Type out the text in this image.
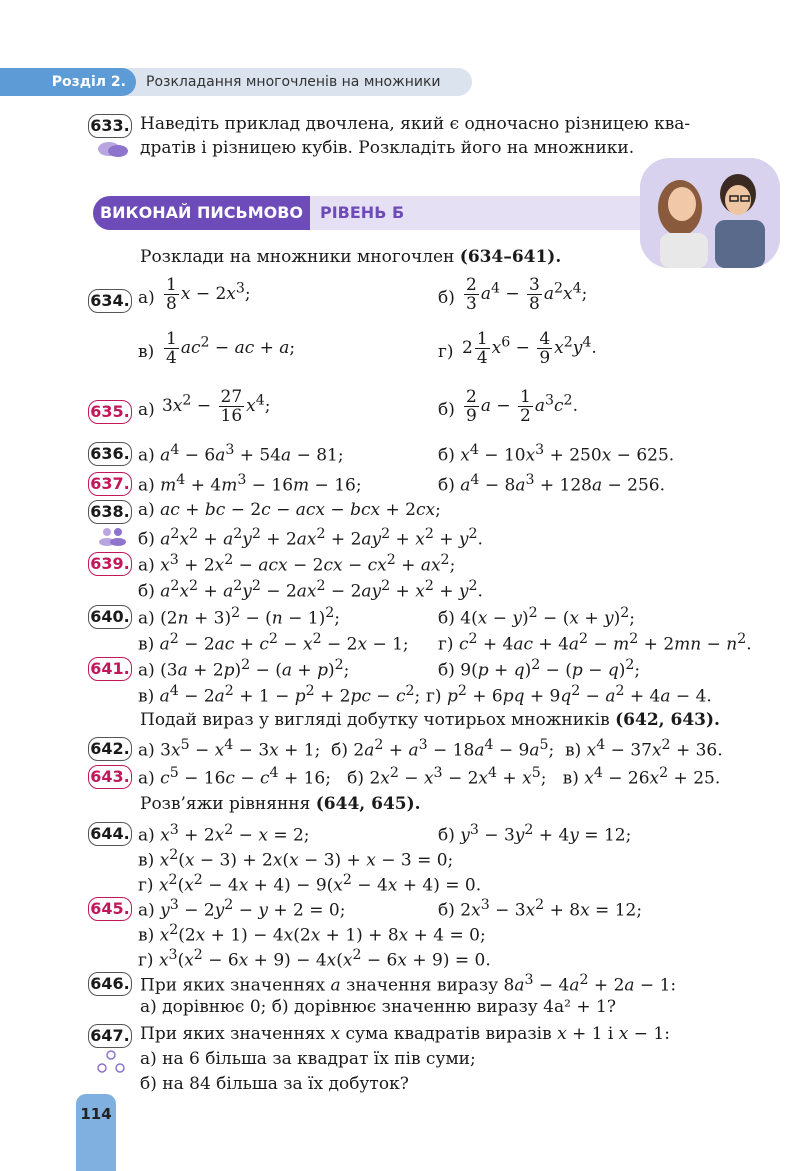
Розділ 2.	Розкладання многочленів на множники
633. Наведіть приклад двочлена, який є одночасно різницею ква-
дратів і різницею кубів. Розкладіть його на множники.
ВИКОНАЙ ПИСЬМОВО	РІВЕНЬ Б
Розклади на множники многочлен (634–641).
634. $а) \frac{1}{8}$ $x - 2x^3$;	$б) \frac{2}{3} a^4 - \frac{3}{8} a^2x^4$;
$в) \frac{1}{4} ac^2$ − ac + a;	г) $2 \frac{1}{4} x^6 - \frac{4}{9} x^2y^4$.
635. а) $3x^2 - \frac{27}{16} x^4$;	$б) \frac{2}{9}$ $a - \frac{1}{2} a^3c^2$.
636. а) $a^4 - 6a^3 + 54a - 81$;	б) $x^4 - 10x^3 + 250x - 625$.
637. а) $m^4 + 4m^3 - 16m - 16$;	б) $a^4 - 8a^3 + 128a - 256$.
638. а) ac + bc − 2c − acx − bcx + 2cx;
б) $a^2x^2 + a^2y^2 + 2ax^2 + 2ay^2 + x^2 + y^2$.
639. а) $x^3 + 2x^2$ − acx − $2cx - cx^2 + ax^2$;
б) $a^2x^2 + a^2y^2 - 2ax^2 - 2ay^2 + x^2 + y^2$.
640. а) $(2n + 3)^2 - (n - 1)^2$;	б) $4(x - y)^2 - (x + y)^2$;
в) $a^2 - 2ac + c^2 - x^2 - 2x - 1$; г) $c^2 + 4ac + 4a^2 - m^2 + 2mn - n^2$.
641. а) $(3a + 2p)^2 - (a + p)^2$;	б) $9(p + q)^2 - (p - q)^2$;
в) $a^4 - 2a^2 + 1 - p^2 + 2pc - c^2$; г) $p^2 + 6pq + 9q^2 - a^2 + 4a - 4$.
Подай вираз у вигляді добутку чотирьох множників (642, 643).
642. а) $3x^5 - x^4 - 3x + 1$;  б) $2a^2 + a^3 - 18a^4 - 9a^5$;  в) $x^4 - 37x^2 + 36$.
643. а) $c^5 - 16c - c^4 + 16$;   б) $2x^2 - x^3 - 2x^4 + x^5$;   в) $x^4 - 26x^2 + 25$.
Розв’яжи рівняння (644, 645).
644. а) $x^3 + 2x^2 - x = 2$;	б) $y^3 - 3y^2 + 4y = 12$;
в) $x^2(x - 3) + 2x(x - 3) + x - 3 = 0$;
г) $x^2(x^2 - 4x + 4) - 9(x^2 - 4x + 4) = 0$.
645. а) $y^3 - 2y^2 - y + 2 = 0$;	б) $2x^3 - 3x^2 + 8x = 12$;
в) $x^2(2x + 1) - 4x(2x + 1) + 8x + 4 = 0$;
г) $x^3(x^2 - 6x + 9) - 4x(x^2 - 6x + 9) = 0$.
646. При яких значеннях a значення виразу $8a^3 - 4a^2 + 2a - 1$:
а) дорівнює 0; б) дорівнює значенню виразу 4a² + 1?
647. При яких значеннях x сума квадратів виразів x + 1 і x − 1:
а) на 6 більша за квадрат їх пів суми;
б) на 84 більша за їх добуток?
114
